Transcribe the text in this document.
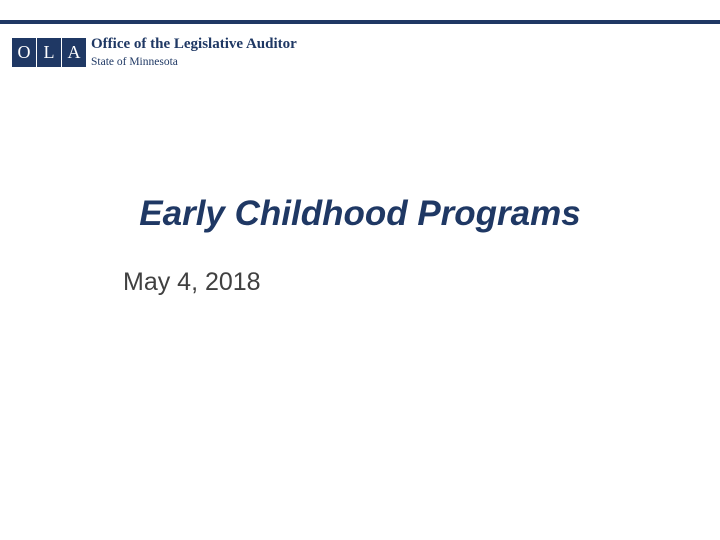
O L A Office of the Legislative Auditor
State of Minnesota
Early Childhood Programs
May 4, 2018
